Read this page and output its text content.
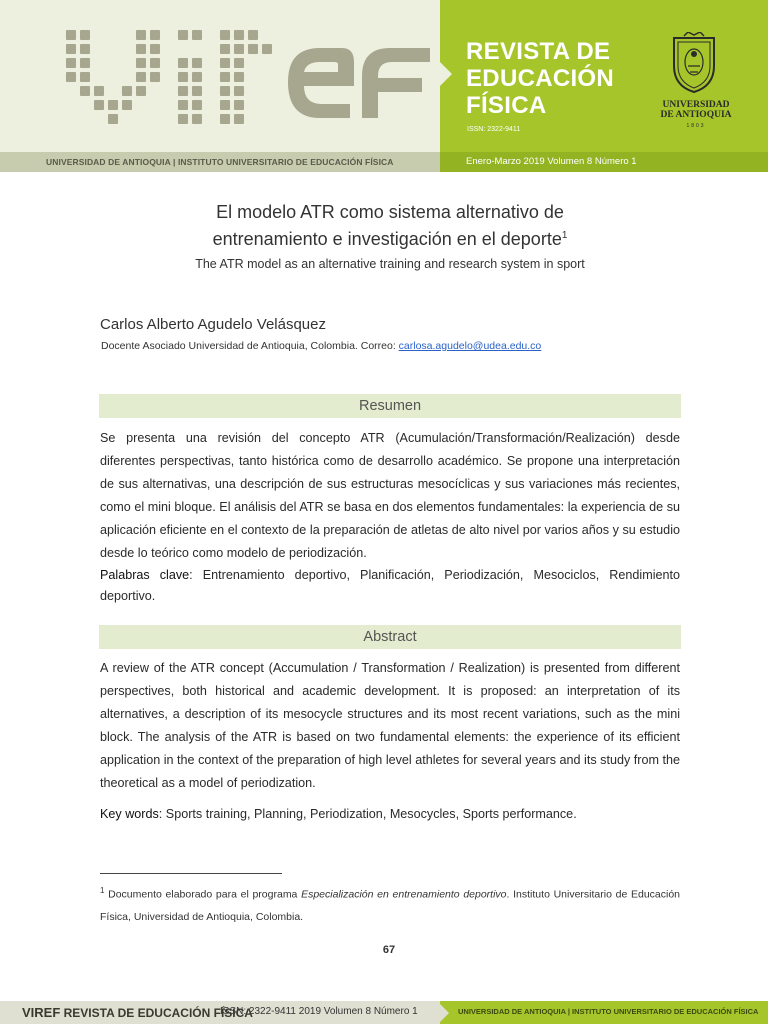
REVISTA DE
EDUCACIÓN
FÍSICA
ISSN: 2322-9411
UNIVERSIDAD
DE ANTIOQUIA
1803
UNIVERSIDAD DE ANTIOQUIA | INSTITUTO UNIVERSITARIO DE EDUCACIÓN FÍSICA	Enero-Marzo 2019 Volumen 8 Número 1
El modelo ATR como sistema alternativo de
entrenamiento e investigación en el deporte$^1$
The ATR model as an alternative training and research system in sport
Carlos Alberto Agudelo Velásquez
Docente Asociado Universidad de Antioquia, Colombia. Correo: carlosa.agudelo@udea.edu.co
Resumen
Se presenta una revisión del concepto ATR (Acumulación/Transformación/Realización) desde diferentes perspectivas, tanto histórica como de desarrollo académico. Se propone una interpretación de sus alternativas, una descripción de sus estructuras mesocíclicas y sus variaciones más recientes, como el mini bloque. El análisis del ATR se basa en dos elementos fundamentales: la experiencia de su aplicación eficiente en el contexto de la preparación de atletas de alto nivel por varios años y su estudio desde lo teórico como modelo de periodización.
Palabras clave: Entrenamiento deportivo, Planificación, Periodización, Mesociclos, Rendimiento deportivo.
Abstract
A review of the ATR concept (Accumulation / Transformation / Realization) is presented from different perspectives, both historical and academic development. It is proposed: an interpretation of its alternatives, a description of its mesocycle structures and its most recent variations, such as the mini block. The analysis of the ATR is based on two fundamental elements: the experience of its efficient application in the context of the preparation of high level athletes for several years and its study from the theoretical as a model of periodization.
Key words: Sports training, Planning, Periodization, Mesocycles, Sports performance.
$^1$ Documento elaborado para el programa Especialización en entrenamiento deportivo. Instituto Universitario de Educación Física, Universidad de Antioquia, Colombia.
67
VIREF REVISTA DE EDUCACIÓN FÍSICA
ISSN: 2322-9411 2019 Volumen 8 Número 1	UNIVERSIDAD DE ANTIOQUIA | INSTITUTO UNIVERSITARIO DE EDUCACIÓN FÍSICA
